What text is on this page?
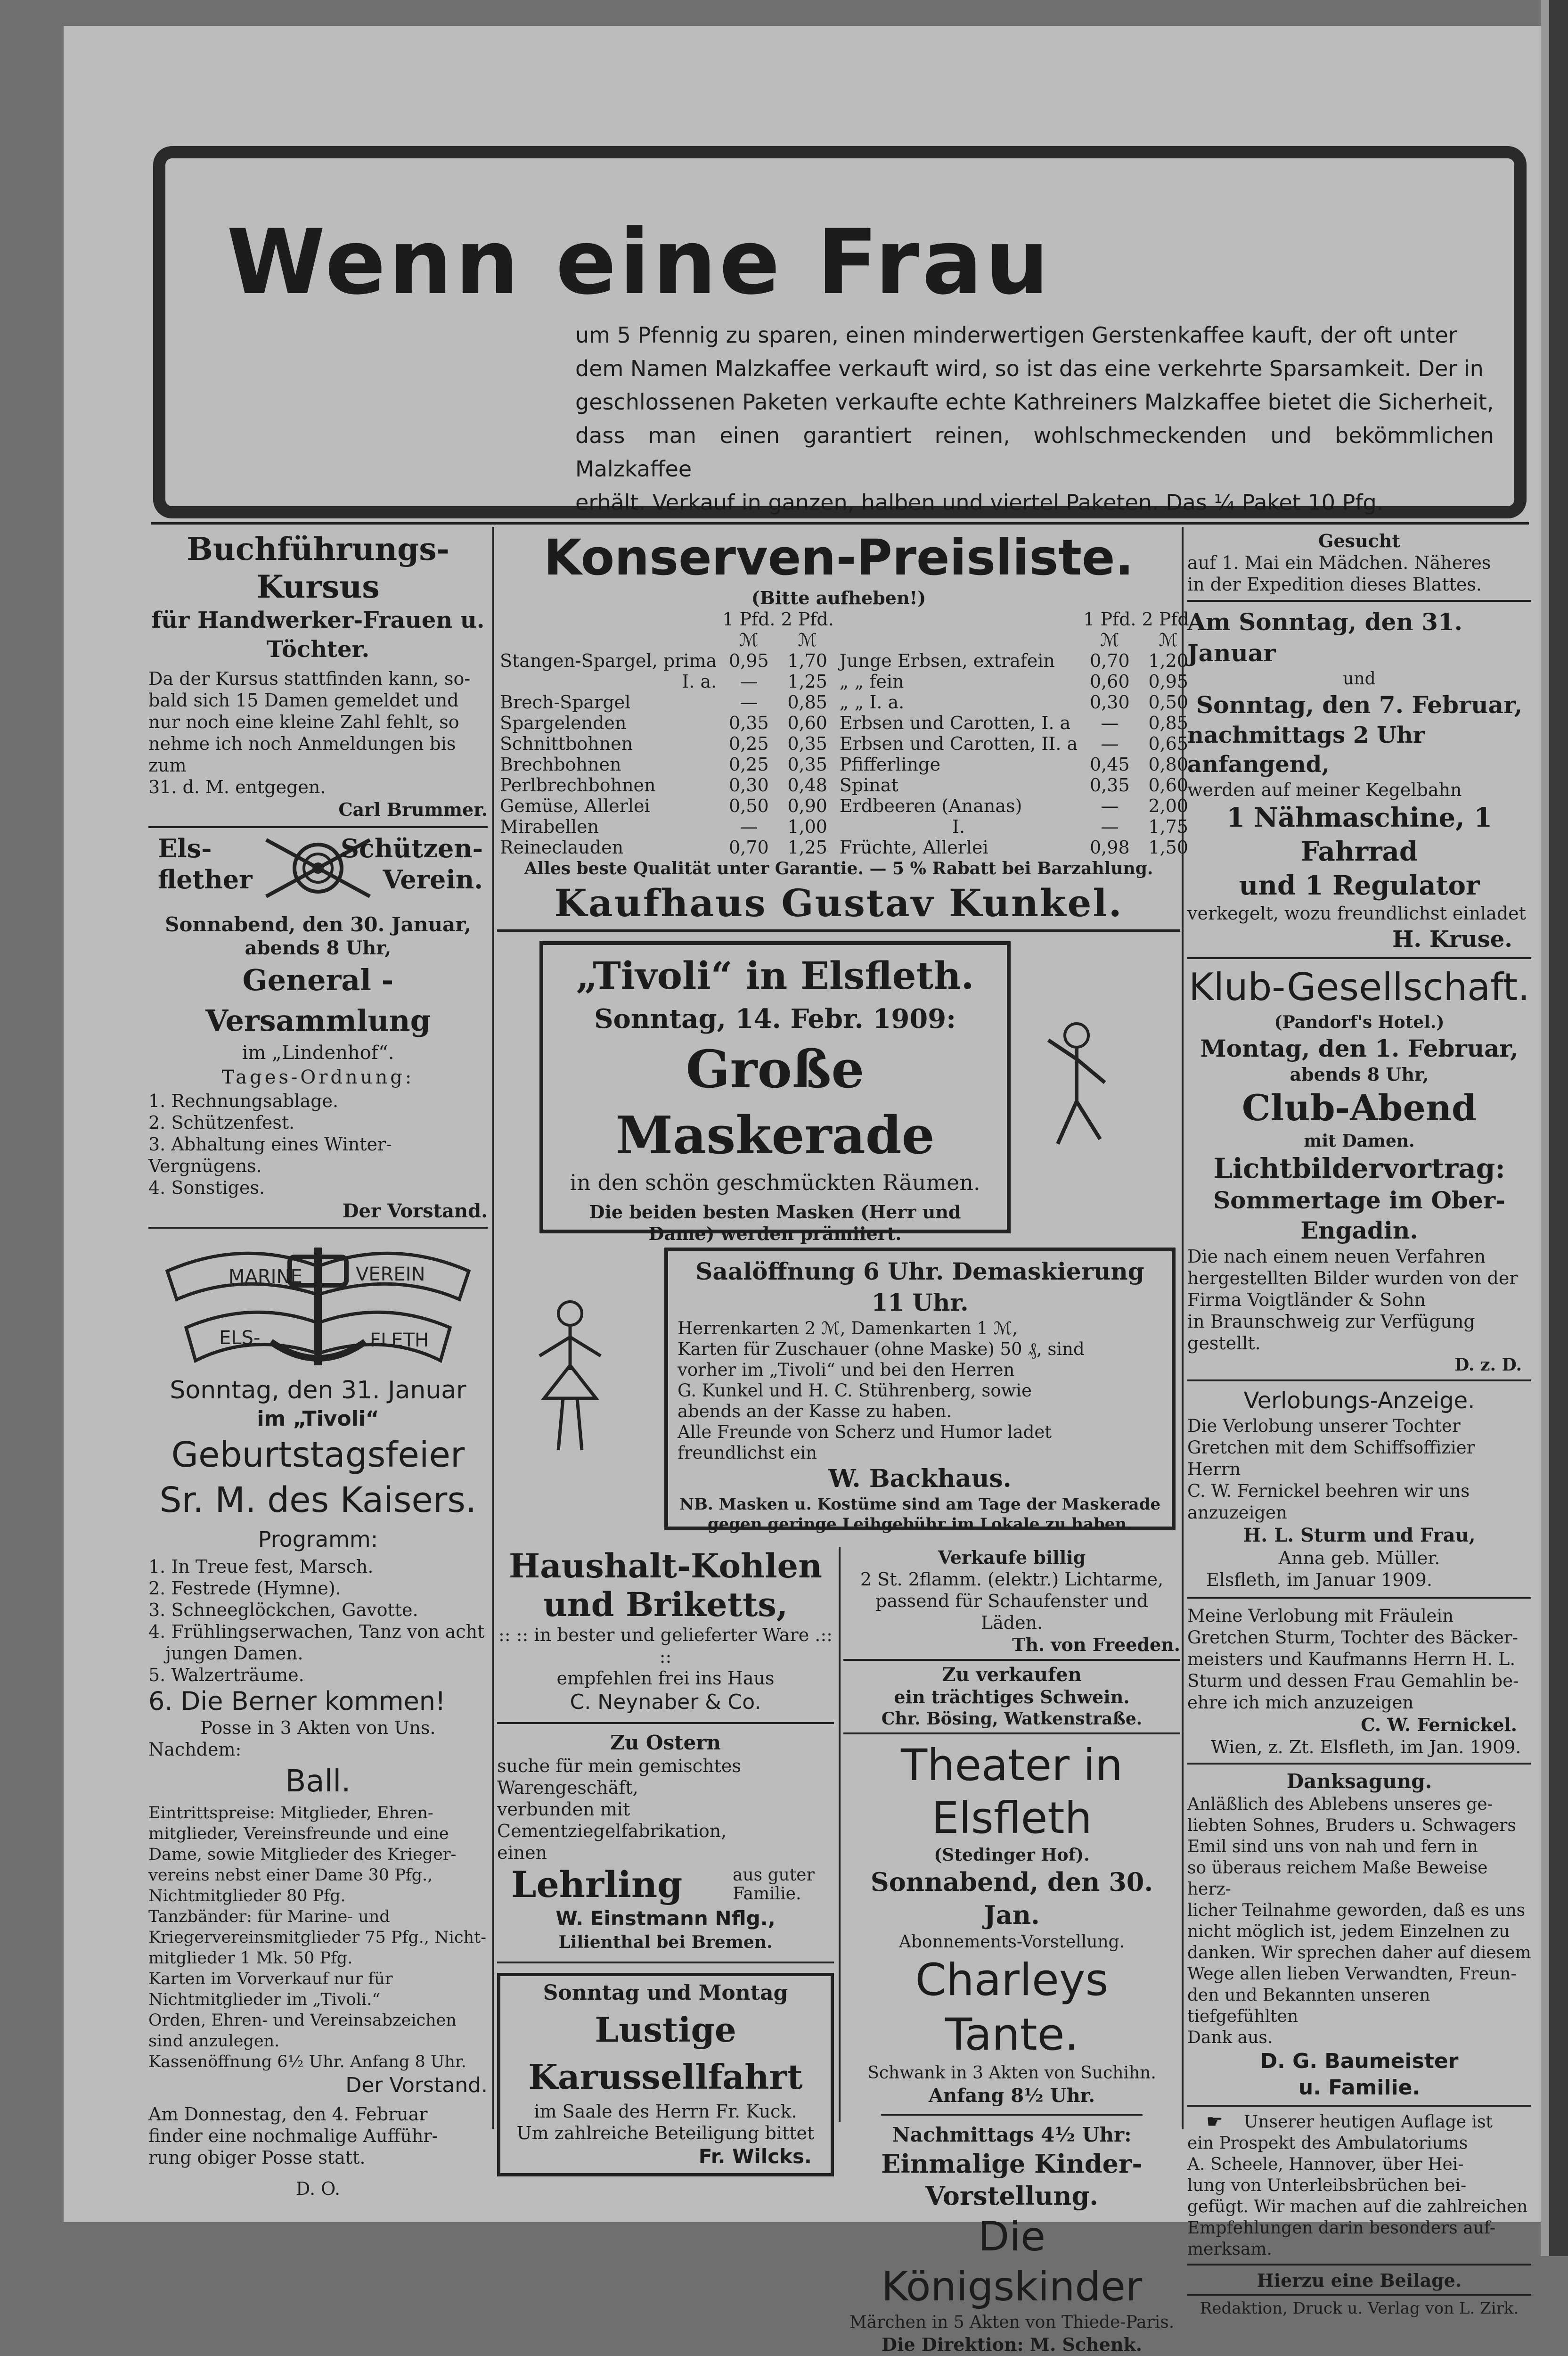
Wenn eine Frau
um 5 Pfennig zu sparen, einen minderwertigen Gerstenkaffee kauft, der oft unter
dem Namen Malzkaffee verkauft wird, so ist das eine verkehrte Sparsamkeit. Der in
geschlossenen Paketen verkaufte echte Kathreiners Malzkaffee bietet die Sicherheit,
dass man einen garantiert reinen, wohlschmeckenden und bekömmlichen Malzkaffee
erhält. Verkauf in ganzen, halben und viertel Paketen. Das ¼ Paket 10 Pfg.
Buchführungs-Kursus
für Handwerker-Frauen u. Töchter.
Da der Kursus stattfinden kann, so-
bald sich 15 Damen gemeldet und
nur noch eine kleine Zahl fehlt, so
nehme ich noch Anmeldungen bis zum
31. d. M. entgegen.
Carl Brummer.
Els-
flether
Schützen-
Verein.
Sonnabend, den 30. Januar,
abends 8 Uhr,
General - Versammlung
im „Lindenhof“.
Tages-Ordnung:
1. Rechnungsablage.
2. Schützenfest.
3. Abhaltung eines Winter-Vergnügens.
4. Sonstiges.
Der Vorstand.
MARINE	VEREIN
ELS-	FLETH
Sonntag, den 31. Januar
im „Tivoli“
Geburtstagsfeier
Sr. M. des Kaisers.
Programm:
1. In Treue fest, Marsch.
2. Festrede (Hymne).
3. Schneeglöckchen, Gavotte.
4. Frühlingserwachen, Tanz von acht
jungen Damen.
5. Walzerträume.
6. Die Berner kommen!
Posse in 3 Akten von Uns.
Nachdem:
Ball.
Eintrittspreise: Mitglieder, Ehren-
mitglieder, Vereinsfreunde und eine
Dame, sowie Mitglieder des Krieger-
vereins nebst einer Dame 30 Pfg.,
Nichtmitglieder 80 Pfg.
Tanzbänder: für Marine- und
Kriegervereinsmitglieder 75 Pfg., Nicht-
mitglieder 1 Mk. 50 Pfg.
Karten im Vorverkauf nur für
Nichtmitglieder im „Tivoli.“
Orden, Ehren- und Vereinsabzeichen
sind anzulegen.
Kassenöffnung 6½ Uhr. Anfang 8 Uhr.
Der Vorstand.
Am Donnestag, den 4. Februar
finder eine nochmalige Aufführ-
rung obiger Posse statt.
D. O.
Konserven-Preisliste.
(Bitte aufheben!)
	1 Pfd.	2 Pfd.		1 Pfd.	2 Pfd.
	ℳ	ℳ		ℳ	ℳ
Stangen-Spargel, prima	0,95	1,70	Junge Erbsen, extrafein	0,70	1,20
I. a.	—	1,25	„ „ fein	0,60	0,95
Brech-Spargel	—	0,85	„ „ I. a.	0,30	0,50
Spargelenden	0,35	0,60	Erbsen und Carotten, I. a	—	0,85
Schnittbohnen	0,25	0,35	Erbsen und Carotten, II. a	—	0,65
Brechbohnen	0,25	0,35	Pfifferlinge	0,45	0,80
Perlbrechbohnen	0,30	0,48	Spinat	0,35	0,60
Gemüse, Allerlei	0,50	0,90	Erdbeeren (Ananas)	—	2,00
Mirabellen	—	1,00	I.	—	1,75
Reineclauden	0,70	1,25	Früchte, Allerlei	0,98	1,50
Alles beste Qualität unter Garantie. — 5 % Rabatt bei Barzahlung.
Kaufhaus Gustav Kunkel.
„Tivoli“ in Elsfleth.
Sonntag, 14. Febr. 1909:
Große Maskerade
in den schön geschmückten Räumen.
Die beiden besten Masken (Herr und
Dame) werden prämiiert.
Saalöffnung 6 Uhr. Demaskierung 11 Uhr.
Herrenkarten 2 ℳ, Damenkarten 1 ℳ,
Karten für Zuschauer (ohne Maske) 50 ₰, sind
vorher im „Tivoli“ und bei den Herren
G. Kunkel und H. C. Stührenberg, sowie
abends an der Kasse zu haben.
Alle Freunde von Scherz und Humor ladet
freundlichst ein
W. Backhaus.
NB. Masken u. Kostüme sind am Tage der Maskerade
gegen geringe Leihgebühr im Lokale zu haben.
Haushalt-Kohlen
und Briketts,
:: :: in bester und gelieferter Ware .:: ::
empfehlen frei ins Haus
C. Neynaber & Co.
Zu Ostern
suche für mein gemischtes Warengeschäft,
verbunden mit Cementziegelfabrikation,
einen
Lehrling	aus guter
Familie.
W. Einstmann Nflg.,
Lilienthal bei Bremen.
Sonntag und Montag
Lustige Karussellfahrt
im Saale des Herrn Fr. Kuck.
Um zahlreiche Beteiligung bittet
Fr. Wilcks.
Verkaufe billig
2 St. 2flamm. (elektr.) Lichtarme,
passend für Schaufenster und Läden.
Th. von Freeden.
Zu verkaufen
ein trächtiges Schwein.
Chr. Bösing, Watkenstraße.
Theater in Elsfleth
(Stedinger Hof).
Sonnabend, den 30. Jan.
Abonnements-Vorstellung.
Charleys Tante.
Schwank in 3 Akten von Suchihn.
Anfang 8½ Uhr.
Nachmittags 4½ Uhr:
Einmalige Kinder-Vorstellung.
Die Königskinder
Märchen in 5 Akten von Thiede-Paris.
Die Direktion: M. Schenk.
Gesucht
auf 1. Mai ein Mädchen. Näheres
in der Expedition dieses Blattes.
Am Sonntag, den 31. Januar
und
Sonntag, den 7. Februar,
nachmittags 2 Uhr anfangend,
werden auf meiner Kegelbahn
1 Nähmaschine, 1 Fahrrad
und 1 Regulator
verkegelt, wozu freundlichst einladet
H. Kruse.
Klub-Gesellschaft.
(Pandorf's Hotel.)
Montag, den 1. Februar,
abends 8 Uhr,
Club-Abend
mit Damen.
Lichtbildervortrag:
Sommertage im Ober-Engadin.
Die nach einem neuen Verfahren
hergestellten Bilder wurden von der
Firma Voigtländer & Sohn
in Braunschweig zur Verfügung gestellt.
D. z. D.
Verlobungs-Anzeige.
Die Verlobung unserer Tochter
Gretchen mit dem Schiffsoffizier Herrn
C. W. Fernickel beehren wir uns
anzuzeigen
H. L. Sturm und Frau,
Anna geb. Müller.
Elsfleth, im Januar 1909.
Meine Verlobung mit Fräulein
Gretchen Sturm, Tochter des Bäcker-
meisters und Kaufmanns Herrn H. L.
Sturm und dessen Frau Gemahlin be-
ehre ich mich anzuzeigen
C. W. Fernickel.
Wien, z. Zt. Elsfleth, im Jan. 1909.
Danksagung.
Anläßlich des Ablebens unseres ge-
liebten Sohnes, Bruders u. Schwagers
Emil sind uns von nah und fern in
so überaus reichem Maße Beweise herz-
licher Teilnahme geworden, daß es uns
nicht möglich ist, jedem Einzelnen zu
danken. Wir sprechen daher auf diesem
Wege allen lieben Verwandten, Freun-
den und Bekannten unseren tiefgefühlten
Dank aus.
D. G. Baumeister
u. Familie.
☛	Unserer heutigen Auflage ist
ein Prospekt des Ambulatoriums
A. Scheele, Hannover, über Hei-
lung von Unterleibsbrüchen bei-
gefügt. Wir machen auf die zahlreichen
Empfehlungen darin besonders auf-
merksam.
Hierzu eine Beilage.
Redaktion, Druck u. Verlag von L. Zirk.
